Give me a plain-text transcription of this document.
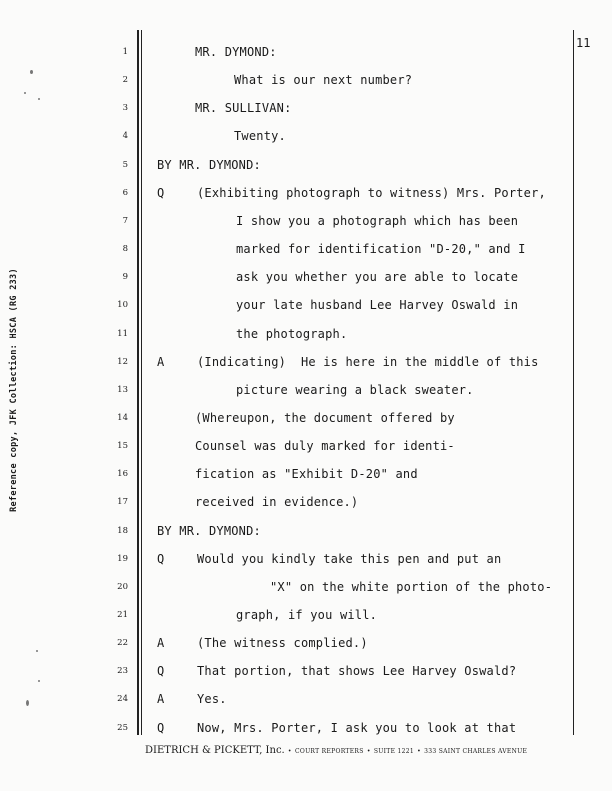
Reference copy, JFK Collection: HSCA (RG 233)
11
1	MR. DYMOND:
2	What is our next number?
3	MR. SULLIVAN:
4	Twenty.
5 BY MR. DYMOND:
6 Q	(Exhibiting photograph to witness) Mrs. Porter,
7	I show you a photograph which has been
8	marked for identification "D-20," and I
9	ask you whether you are able to locate
10	your late husband Lee Harvey Oswald in
11	the photograph.
12 A	(Indicating)  He is here in the middle of this
13	picture wearing a black sweater.
14	(Whereupon, the document offered by
15	Counsel was duly marked for identi-
16	fication as "Exhibit D-20" and
17	received in evidence.)
18 BY MR. DYMOND:
19 Q	Would you kindly take this pen and put an
20	"X" on the white portion of the photo-
21	graph, if you will.
22 A	(The witness complied.)
23 Q	That portion, that shows Lee Harvey Oswald?
24 A	Yes.
25 Q	Now, Mrs. Porter, I ask you to look at that
DIETRICH & PICKETT, Inc. • COURT REPORTERS • SUITE 1221 • 333 SAINT CHARLES AVENUE
